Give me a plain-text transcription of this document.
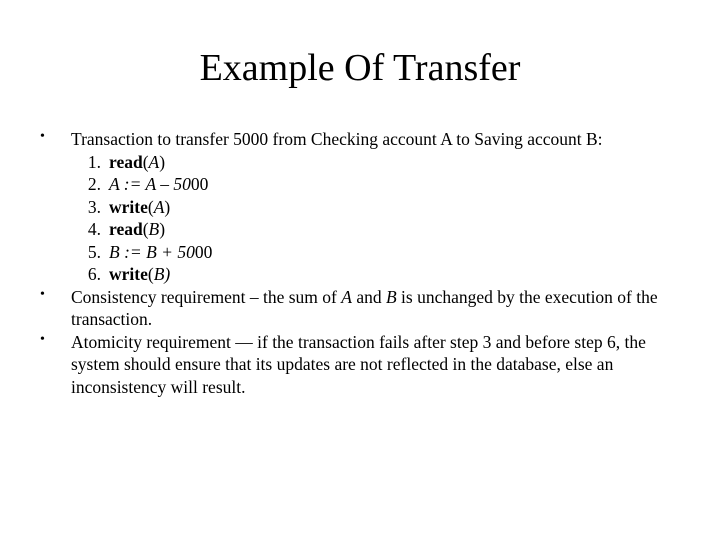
Example Of Transfer
•	Transaction to transfer 5000 from Checking account A to Saving account B:
1. read(A)
2. A := A – 5000
3. write(A)
4. read(B)
5. B := B + 5000
6. write(B)
•	Consistency requirement – the sum of A and B is unchanged by the execution of the transaction.
•	Atomicity requirement — if the transaction fails after step 3 and before step 6, the system should ensure that its updates are not reflected in the database, else an inconsistency will result.
